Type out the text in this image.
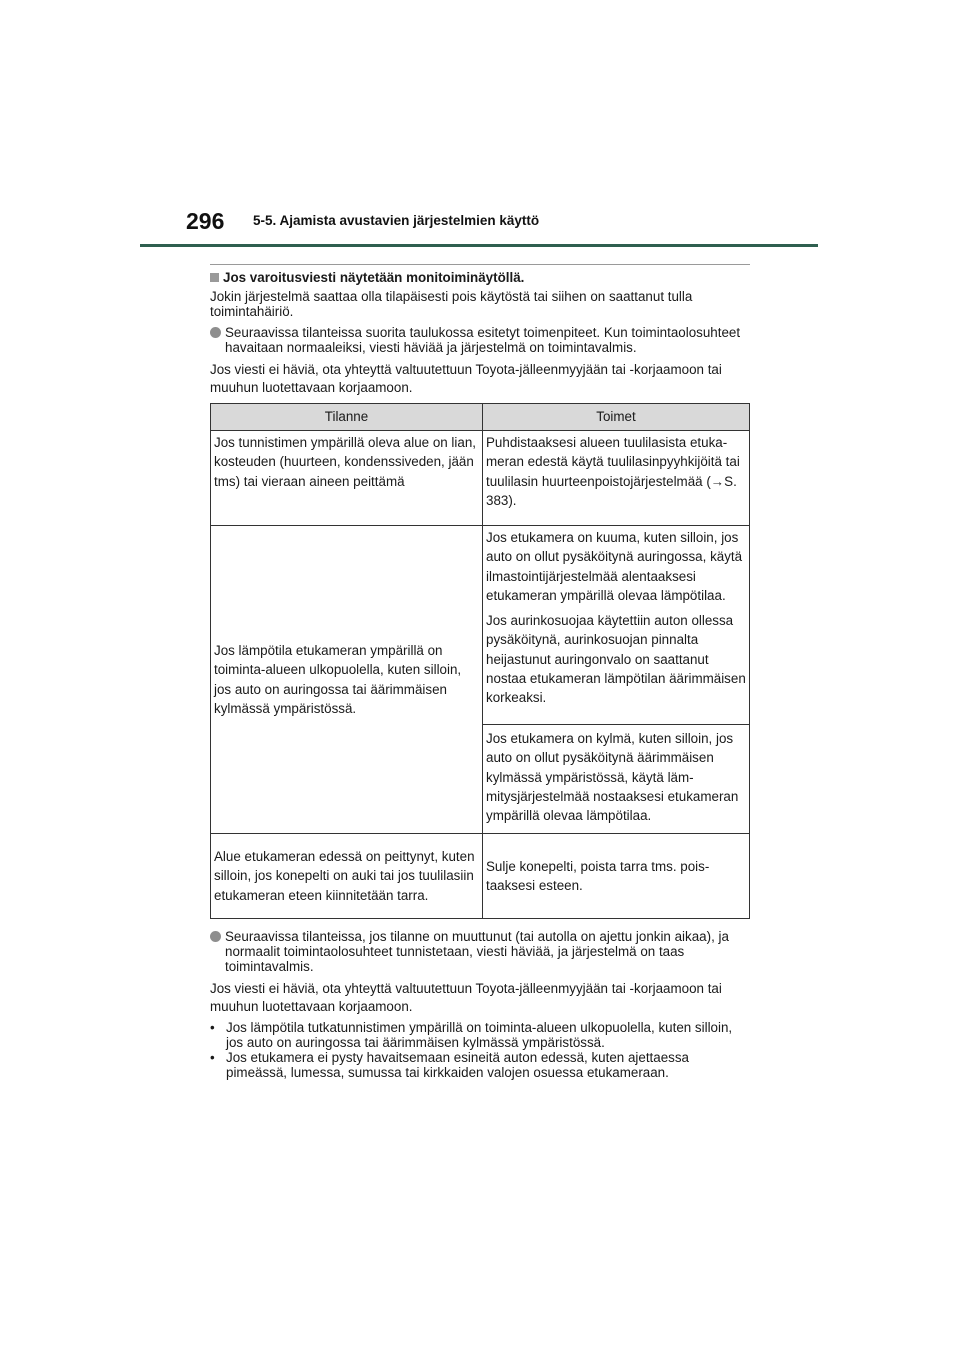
296 5-5. Ajamista avustavien järjestelmien käyttö
Jos varoitusviesti näytetään monitoiminäytöllä.

Jokin järjestelmä saattaa olla tilapäisesti pois käytöstä tai siihen on saattanut tulla toimintahäiriö.

Seuraavissa tilanteissa suorita taulukossa esitetyt toimenpiteet. Kun toimintaolosuhteet havaitaan normaaleiksi, viesti häviää ja järjestelmä on toimintavalmis.

Jos viesti ei häviä, ota yhteyttä valtuutettuun Toyota-jälleenmyyjään tai -korjaamoon tai muuhun luotettavaan korjaamoon.

Tilanne	Toimet
Jos tunnistimen ympärillä oleva alue on lian, kosteuden (huurteen, kondenssiveden, jään tms) tai vieraan aineen peittämä	Puhdistaaksesi alueen tuulilasista etukameran edestä käytä tuulilasinpyyhkijöitä tai tuulilasin huurteenpoistojärjestelmää (→S. 383).
Jos lämpötila etukameran ympärillä on toiminta-alueen ulkopuolella, kuten silloin, jos auto on auringossa tai äärimmäisen kylmässä ympäristössä.	Jos etukamera on kuuma, kuten silloin, jos auto on ollut pysäköitynä auringossa, käytä ilmastointijärjestelmää alentaaksesi etukameran ympärillä olevaa lämpötilaa.

Jos aurinkosuojaa käytettiin auton ollessa pysäköitynä, aurinkosuojan pinnalta heijastunut auringonvalo on saattanut nostaa etukameran lämpötilan äärimmäisen korkeaksi.

	Jos etukamera on kylmä, kuten silloin, jos auto on ollut pysäköitynä äärimmäisen kylmässä ympäristössä, käytä lämmitysjärjestelmää nostaaksesi etukameran ympärillä olevaa lämpötilaa.
Alue etukameran edessä on peittynyt, kuten silloin, jos konepelti on auki tai jos tuulilasiin etukameran eteen kiinnitetään tarra.	Sulje konepelti, poista tarra tms. poistaaksesi esteen.
Seuraavissa tilanteissa, jos tilanne on muuttunut (tai autolla on ajettu jonkin aikaa), ja normaalit toimintaolosuhteet tunnistetaan, viesti häviää, ja järjestelmä on taas toimintavalmis.

Jos viesti ei häviä, ota yhteyttä valtuutettuun Toyota-jälleenmyyjään tai -korjaamoon tai muuhun luotettavaan korjaamoon.

• Jos lämpötila tutkatunnistimen ympärillä on toiminta-alueen ulkopuolella, kuten silloin, jos auto on auringossa tai äärimmäisen kylmässä ympäristössä.
• Jos etukamera ei pysty havaitsemaan esineitä auton edessä, kuten ajettaessa pimeässä, lumessa, sumussa tai kirkkaiden valojen osuessa etukameraan.
